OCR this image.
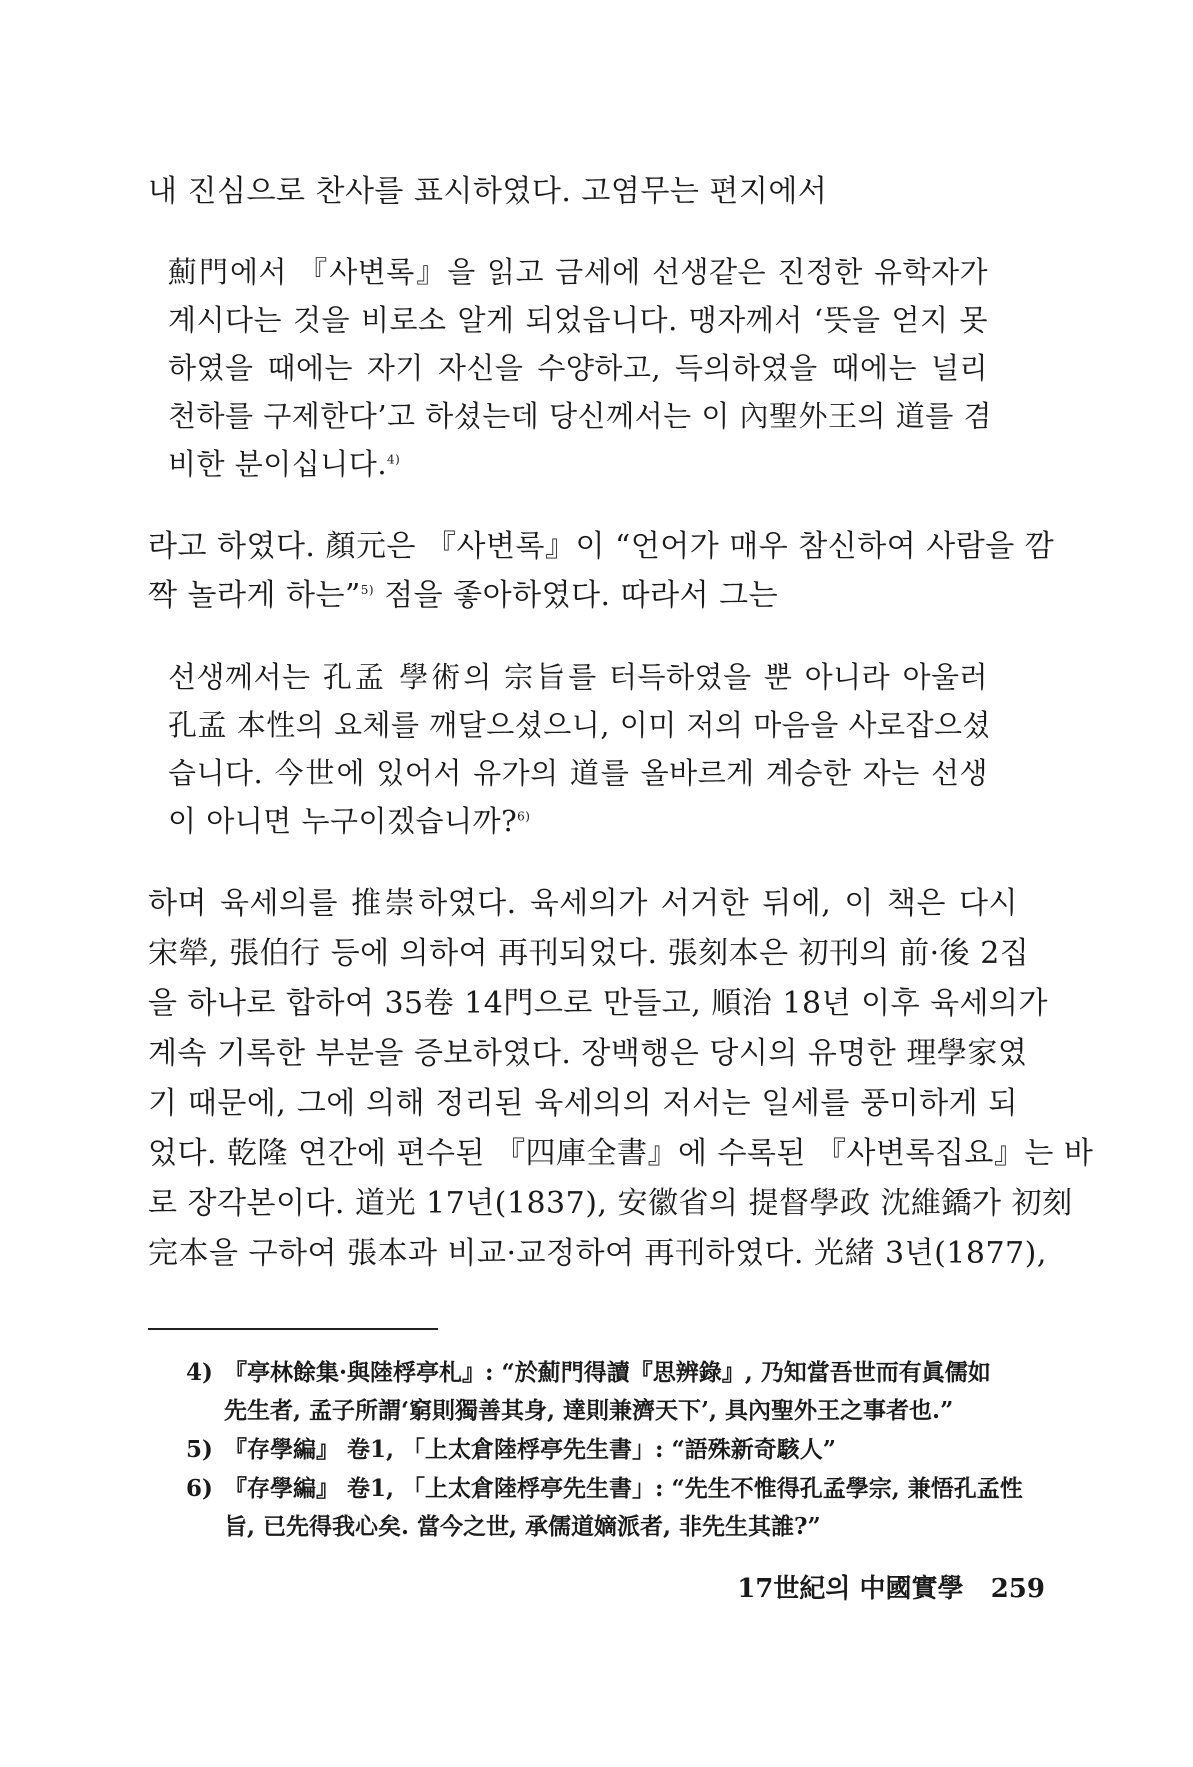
내 진심으로 찬사를 표시하였다. 고염무는 편지에서
薊門에서 『사변록』을 읽고 금세에 선생같은 진정한 유학자가
계시다는 것을 비로소 알게 되었읍니다. 맹자께서 ‘뜻을 얻지 못
하였을 때에는 자기 자신을 수양하고, 득의하였을 때에는 널리
천하를 구제한다’고 하셨는데 당신께서는 이 內聖外王의 道를 겸
비한 분이십니다.$^{4)}$
라고 하였다. 顏元은 『사변록』이 “언어가 매우 참신하여 사람을 깜
짝 놀라게 하는”$^{5)}$ 점을 좋아하였다. 따라서 그는
선생께서는 孔孟 學術의 宗旨를 터득하였을 뿐 아니라 아울러
孔孟 本性의 요체를 깨달으셨으니, 이미 저의 마음을 사로잡으셨
습니다. 今世에 있어서 유가의 道를 올바르게 계승한 자는 선생
이 아니면 누구이겠습니까?$^{6)}$
하며 육세의를 推崇하였다. 육세의가 서거한 뒤에, 이 책은 다시
宋犖, 張伯行 등에 의하여 再刊되었다. 張刻本은 初刊의 前·後 2집
을 하나로 합하여 35卷 14門으로 만들고, 順治 18년 이후 육세의가
계속 기록한 부분을 증보하였다. 장백행은 당시의 유명한 理學家였
기 때문에, 그에 의해 정리된 육세의의 저서는 일세를 풍미하게 되
었다. 乾隆 연간에 편수된 『四庫全書』에 수록된 『사변록집요』는 바
로 장각본이다. 道光 17년(1837), 安徽省의 提督學政 沈維鐈가 初刻
完本을 구하여 張本과 비교·교정하여 再刊하였다. 光緒 3년(1877),
4) 『亭林餘集·與陸桴亭札』: “於薊門得讀『思辨錄』, 乃知當吾世而有眞儒如
先生者, 孟子所謂‘窮則獨善其身, 達則兼濟天下’, 具內聖外王之事者也.”
5) 『存學編』 卷1, 「上太倉陸桴亭先生書」: “語殊新奇駭人”
6) 『存學編』 卷1, 「上太倉陸桴亭先生書」: “先生不惟得孔孟學宗, 兼悟孔孟性
旨, 已先得我心矣. 當今之世, 承儒道嫡派者, 非先生其誰?”
17世紀의 中國實學 259
